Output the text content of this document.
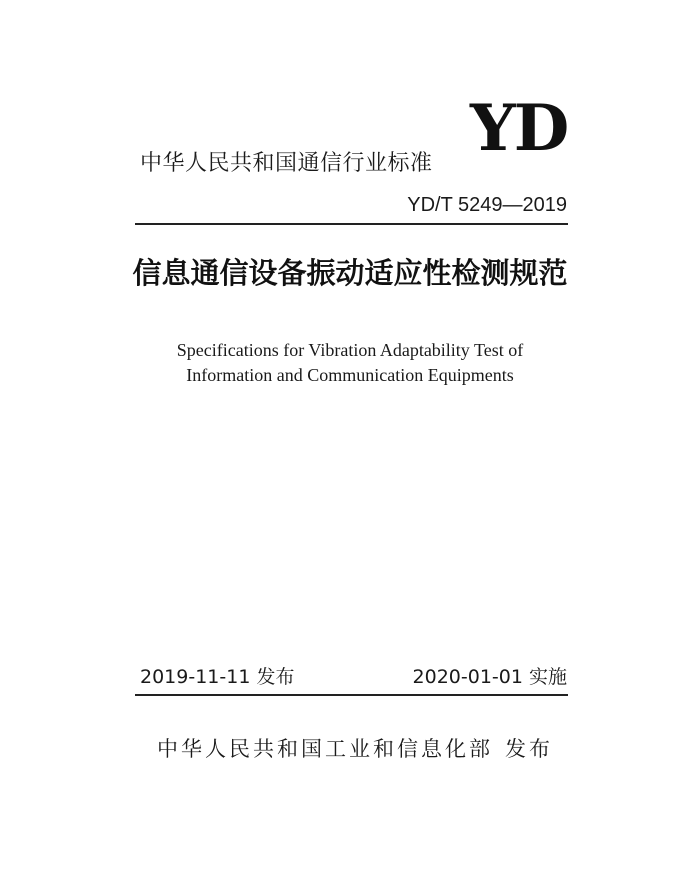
YD
中华人民共和国通信行业标准
YD/T 5249—2019
信息通信设备振动适应性检测规范
Specifications for Vibration Adaptability Test of
Information and Communication Equipments
2019-11-11 发布	2020-01-01 实施
中华人民共和国工业和信息化部 发布
